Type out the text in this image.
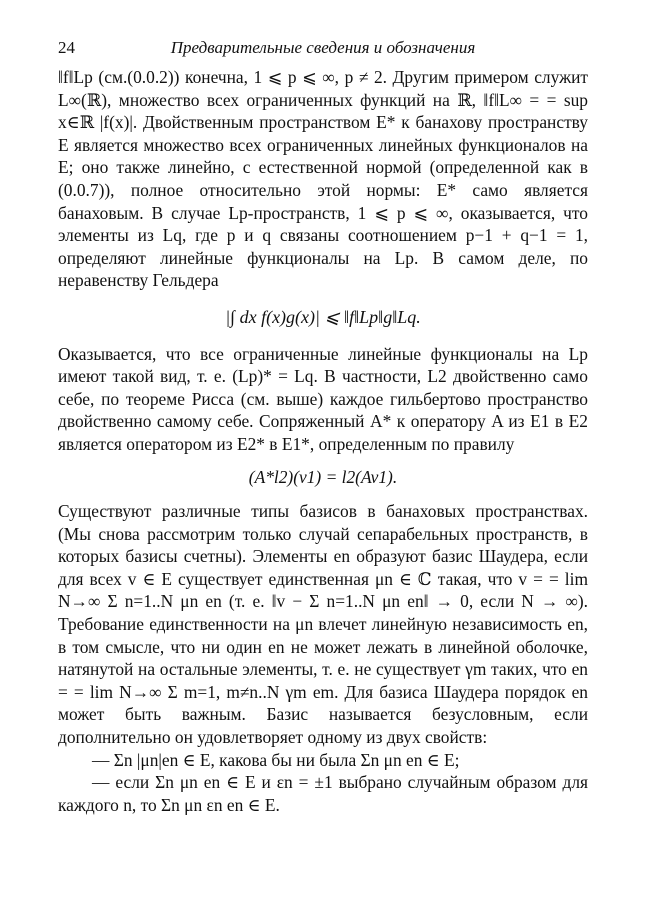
24	Предварительные сведения и обозначения

‖f‖Lp (см.(0.0.2)) конечна, 1 ⩽ p ⩽ ∞, p ≠ 2. Другим примером служит L∞(ℝ), множество всех ограниченных функций на ℝ, ‖f‖L∞ = = sup x∈ℝ |f(x)|. Двойственным пространством E* к банахову пространству E является множество всех ограниченных линейных функционалов на E; оно также линейно, с естественной нормой (определенной как в (0.0.7)), полное относительно этой нормы: E* само является банаховым. В случае Lp-пространств, 1 ⩽ p ⩽ ∞, оказывается, что элементы из Lq, где p и q связаны соотношением p−1 + q−1 = 1, определяют линейные функционалы на Lp. В самом деле, по неравенству Гельдера

|∫ dx f(x)g(x)| ⩽ ‖f‖Lp‖g‖Lq.

Оказывается, что все ограниченные линейные функционалы на Lp имеют такой вид, т. е. (Lp)* = Lq. В частности, L2 двойственно само себе, по теореме Рисса (см. выше) каждое гильбертово пространство двойственно самому себе. Сопряженный A* к оператору A из E1 в E2 является оператором из E2* в E1*, определенным по правилу

(A*l2)(v1) = l2(Av1).

Существуют различные типы базисов в банаховых пространствах. (Мы снова рассмотрим только случай сепарабельных пространств, в которых базисы счетны). Элементы en образуют базис Шаудера, если для всех v ∈ E существует единственная μn ∈ ℂ такая, что v = = lim N→∞ Σ n=1..N μn en (т. е. ‖v − Σ n=1..N μn en‖ → 0, если N → ∞). Требование единственности на μn влечет линейную независимость en, в том смысле, что ни один en не может лежать в линейной оболочке, натянутой на остальные элементы, т. е. не существует γm таких, что en = = lim N→∞ Σ m=1, m≠n..N γm em. Для базиса Шаудера порядок en может быть важным. Базис называется безусловным, если дополнительно он удовлетворяет одному из двух свойств:

— Σn |μn|en ∈ E, какова бы ни была Σn μn en ∈ E;

— если Σn μn en ∈ E и εn = ±1 выбрано случайным образом для каждого n, то Σn μn εn en ∈ E.
